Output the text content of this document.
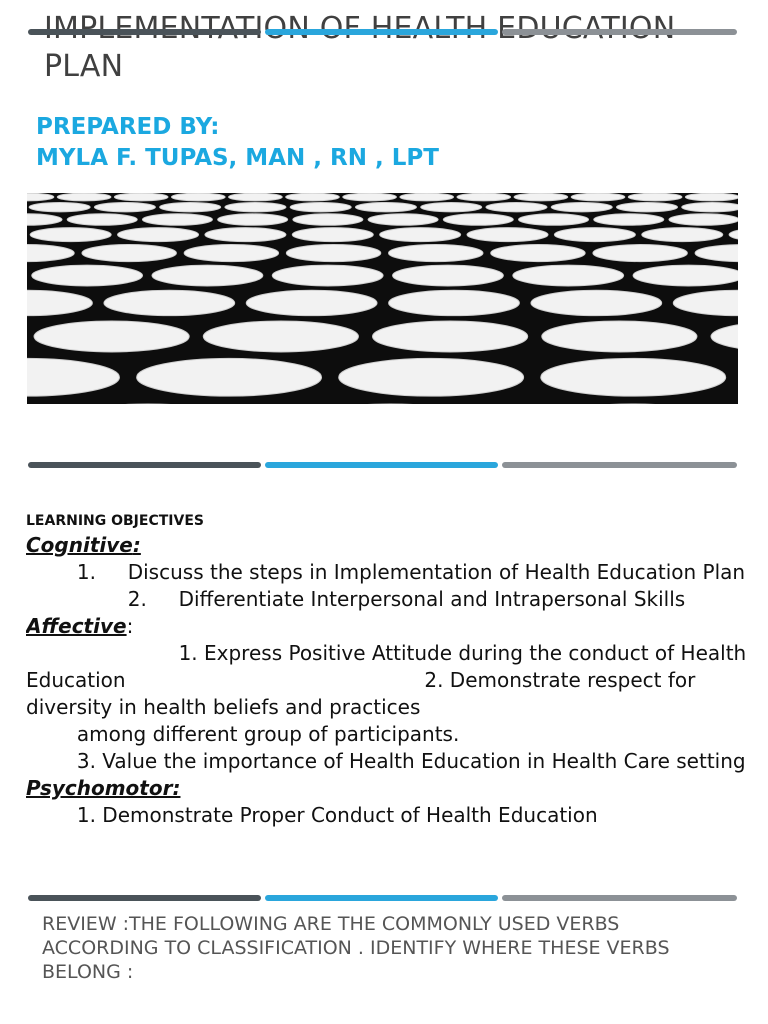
PLAN
PREPARED BY:
MYLA F. TUPAS, MAN , RN , LPT
LEARNING OBJECTIVES
Cognitive:
1.     Discuss the steps in Implementation of Health Education Plan
2.     Differentiate Interpersonal and Intrapersonal Skills
Affective:
1. Express Positive Attitude during the conduct of Health Education                                               2. Demonstrate respect for diversity in health beliefs and practices
among different group of participants.
3. Value the importance of Health Education in Health Care setting
Psychomotor:
1. Demonstrate Proper Conduct of Health Education
REVIEW :THE FOLLOWING ARE THE COMMONLY USED VERBS ACCORDING TO CLASSIFICATION . IDENTIFY WHERE THESE VERBS BELONG :
